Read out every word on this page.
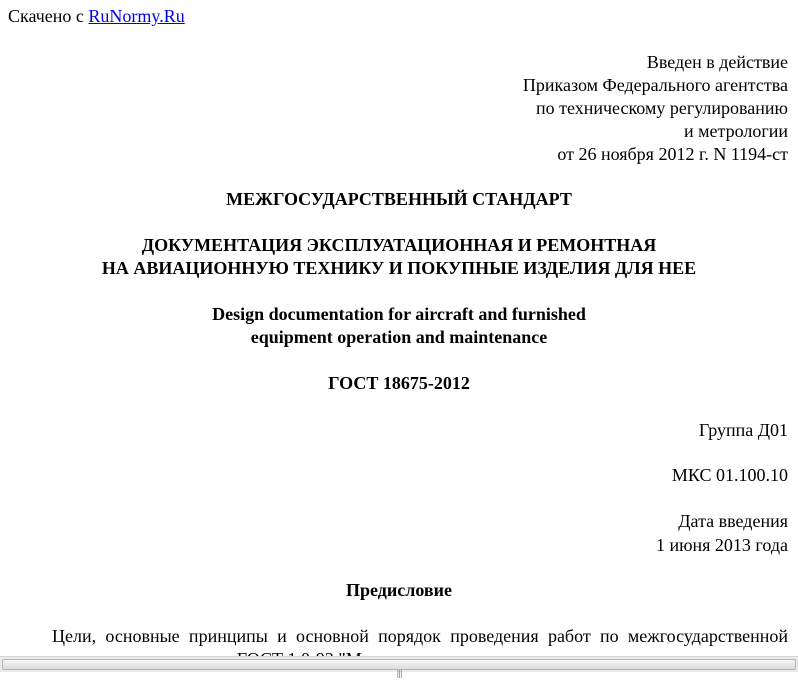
Скачено с RuNormy.Ru
Введен в действие
Приказом Федерального агентства
по техническому регулированию
и метрологии
от 26 ноября 2012 г. N 1194-ст
МЕЖГОСУДАРСТВЕННЫЙ СТАНДАРТ
ДОКУМЕНТАЦИЯ ЭКСПЛУАТАЦИОННАЯ И РЕМОНТНАЯ
НА АВИАЦИОННУЮ ТЕХНИКУ И ПОКУПНЫЕ ИЗДЕЛИЯ ДЛЯ НЕЕ
Design documentation for aircraft and furnished
equipment operation and maintenance
ГОСТ 18675-2012
Группа Д01
МКС 01.100.10
Дата введения
1 июня 2013 года
Предисловие
Цели, основные принципы и основной порядок проведения работ по межгосударственной
|||
